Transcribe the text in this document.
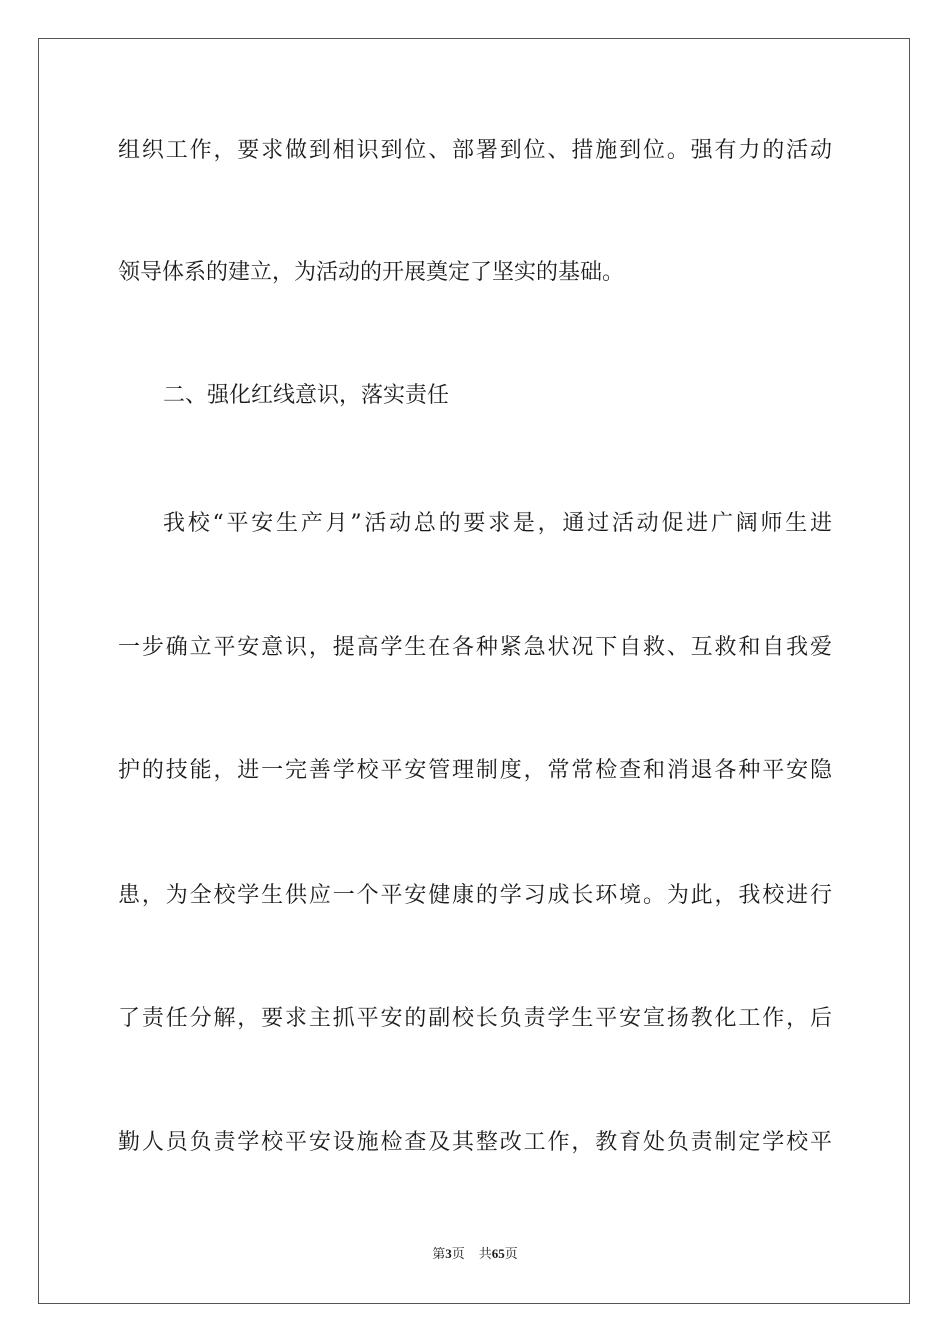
组织工作，要求做到相识到位、部署到位、措施到位。强有力的活动
领导体系的建立，为活动的开展奠定了坚实的基础。
二、强化红线意识，落实责任
我校“平安生产月”活动总的要求是，通过活动促进广阔师生进
一步确立平安意识，提高学生在各种紧急状况下自救、互救和自我爱
护的技能，进一完善学校平安管理制度，常常检查和消退各种平安隐
患，为全校学生供应一个平安健康的学习成长环境。为此，我校进行
了责任分解，要求主抓平安的副校长负责学生平安宣扬教化工作，后
勤人员负责学校平安设施检查及其整改工作，教育处负责制定学校平
第3页 共65页
